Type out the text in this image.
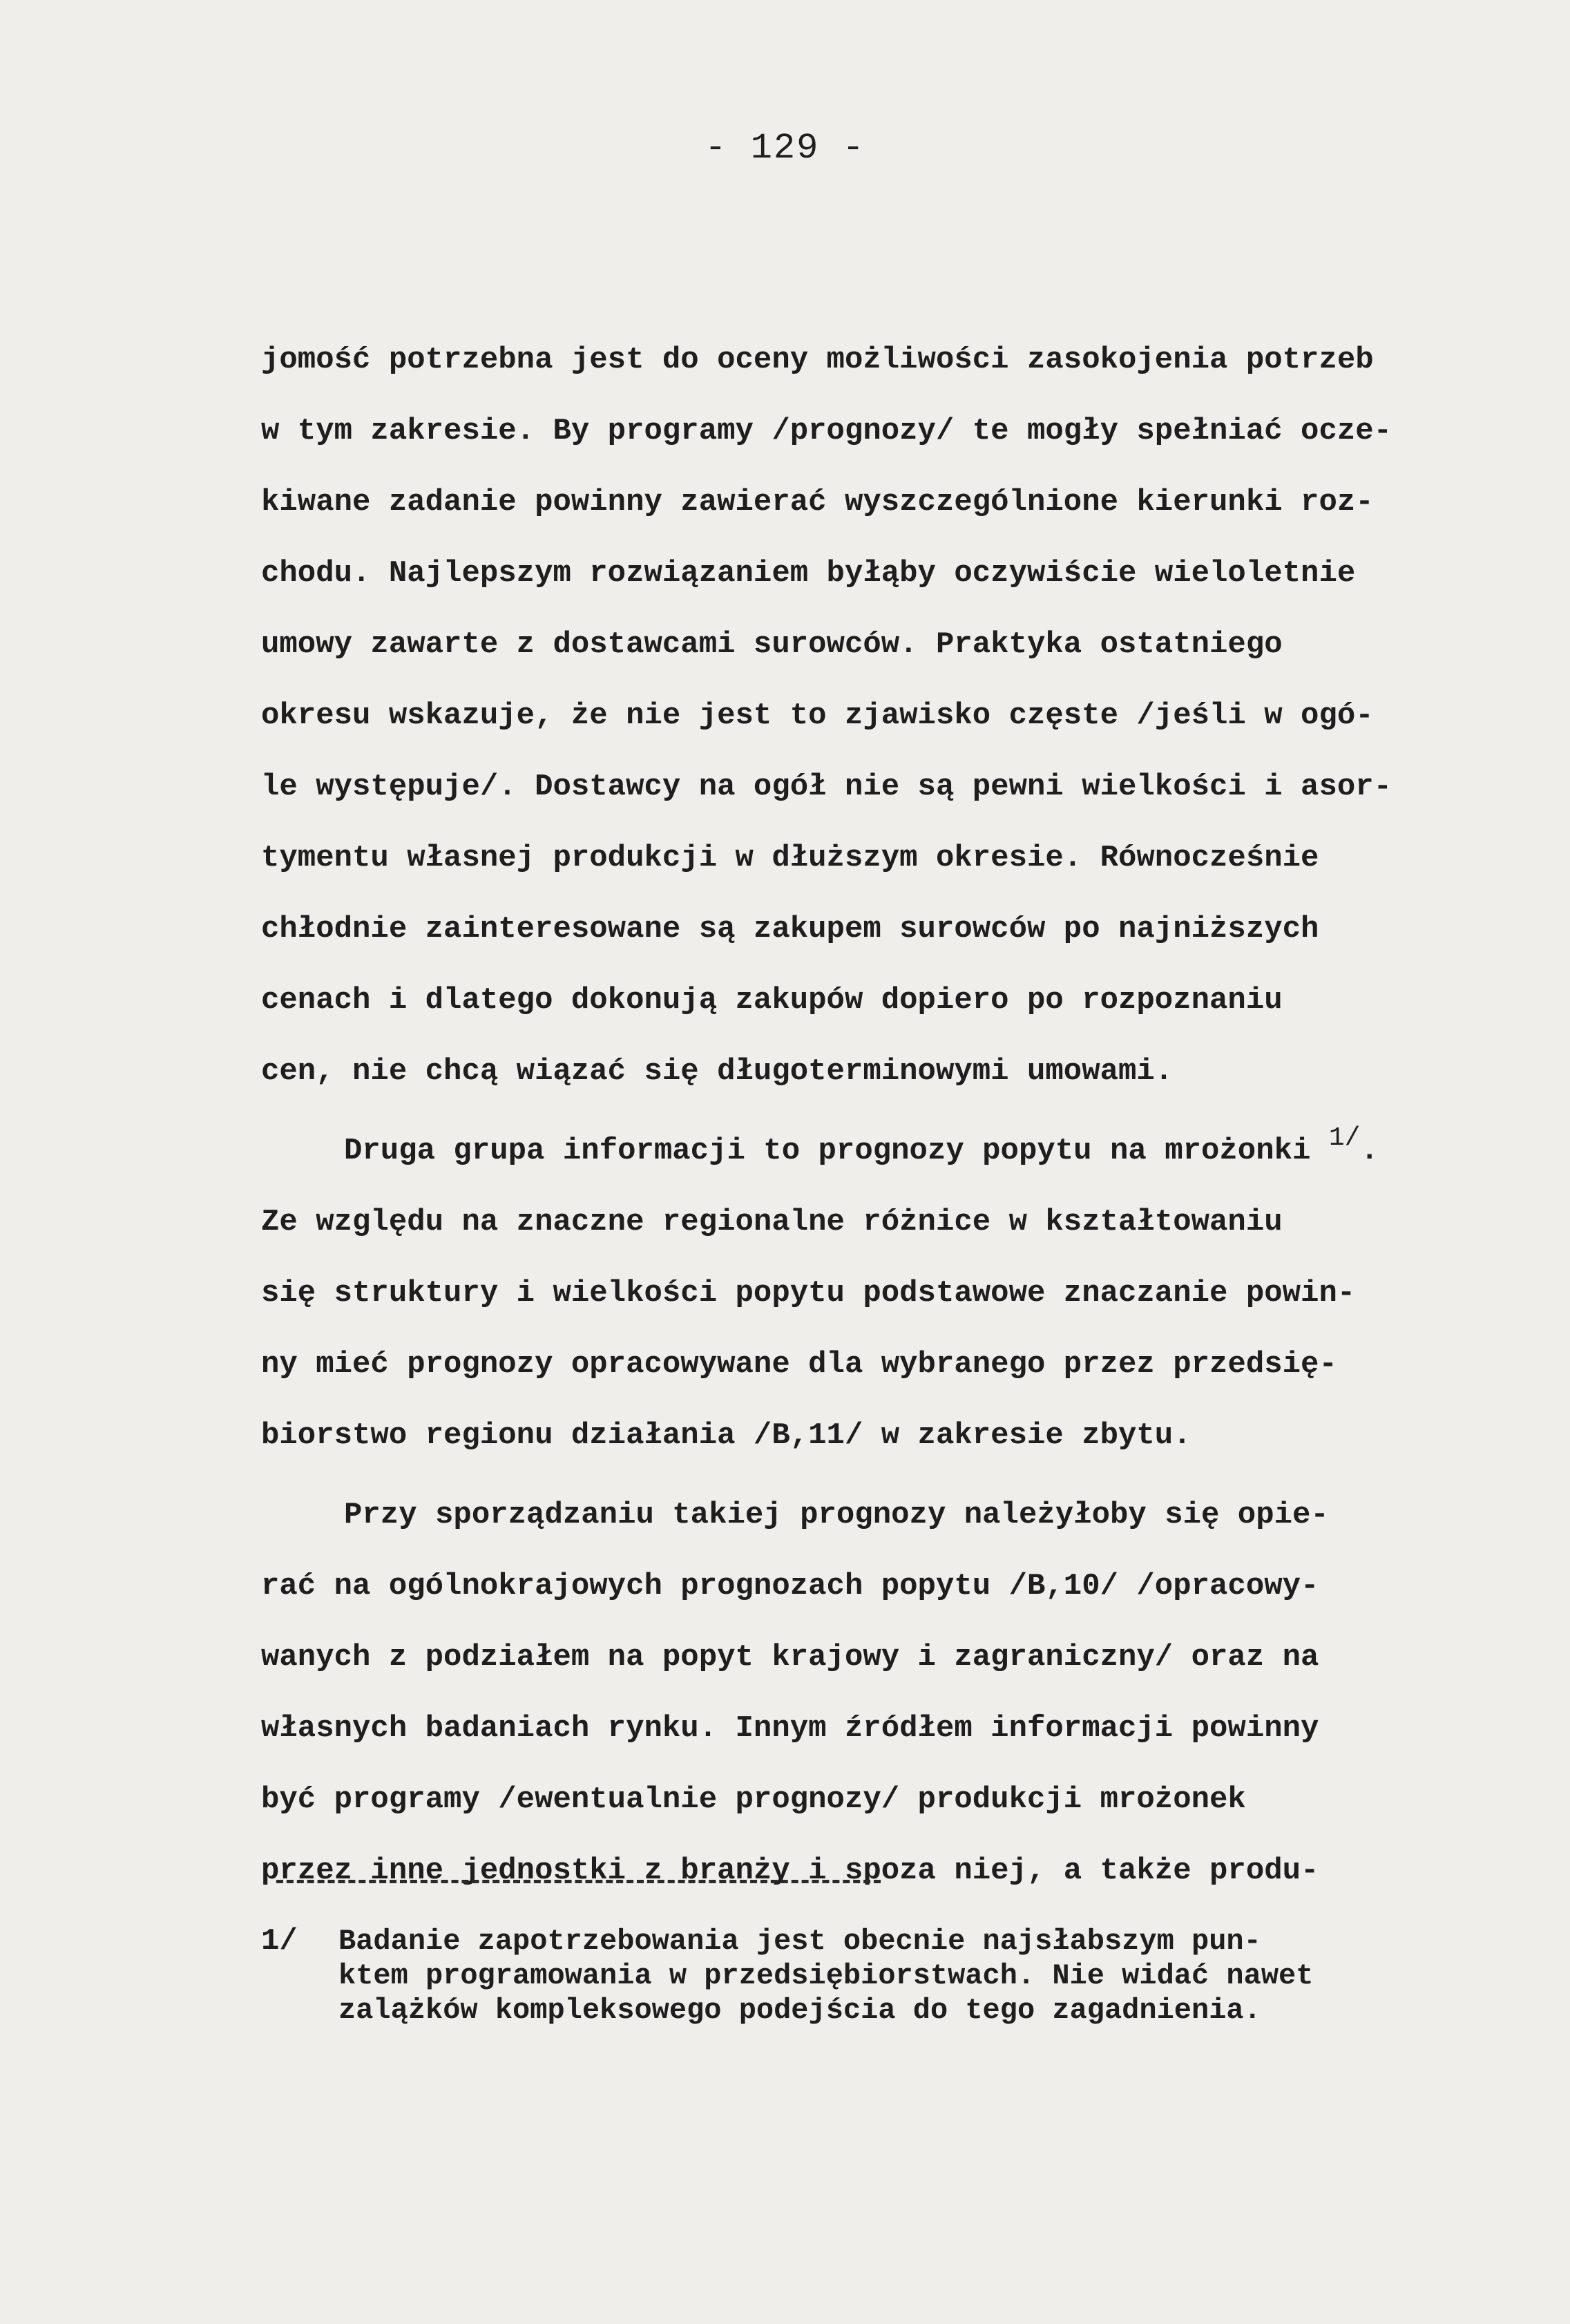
- 129 -
jomość potrzebna jest do oceny możliwości zasokojenia potrzeb
w tym zakresie. By programy /prognozy/ te mogły spełniać ocze-
kiwane zadanie powinny zawierać wyszczególnione kierunki roz-
chodu. Najlepszym rozwiązaniem byłąby oczywiście wieloletnie
umowy zawarte z dostawcami surowców. Praktyka ostatniego
okresu wskazuje, że nie jest to zjawisko częste /jeśli w ogó-
le występuje/. Dostawcy na ogół nie są pewni wielkości i asor-
tymentu własnej produkcji w dłuższym okresie. Równocześnie
chłodnie zainteresowane są zakupem surowców po najniższych
cenach i dlatego dokonują zakupów dopiero po rozpoznaniu
cen, nie chcą wiązać się długoterminowymi umowami.
Druga grupa informacji to prognozy popytu na mrożonki $^{1/}$.
Ze względu na znaczne regionalne różnice w kształtowaniu
się struktury i wielkości popytu podstawowe znaczanie powin-
ny mieć prognozy opracowywane dla wybranego przez przedsię-
biorstwo regionu działania /B,11/ w zakresie zbytu.
Przy sporządzaniu takiej prognozy należyłoby się opie-
rać na ogólnokrajowych prognozach popytu /B,10/ /opracowy-
wanych z podziałem na popyt krajowy i zagraniczny/ oraz na
własnych badaniach rynku. Innym źródłem informacji powinny
być programy /ewentualnie prognozy/ produkcji mrożonek
przez inne jednostki z branży i spoza niej, a także produ-
1/	Badanie zapotrzebowania jest obecnie najsłabszym pun-
ktem programowania w przedsiębiorstwach. Nie widać nawet
zalążków kompleksowego podejścia do tego zagadnienia.
